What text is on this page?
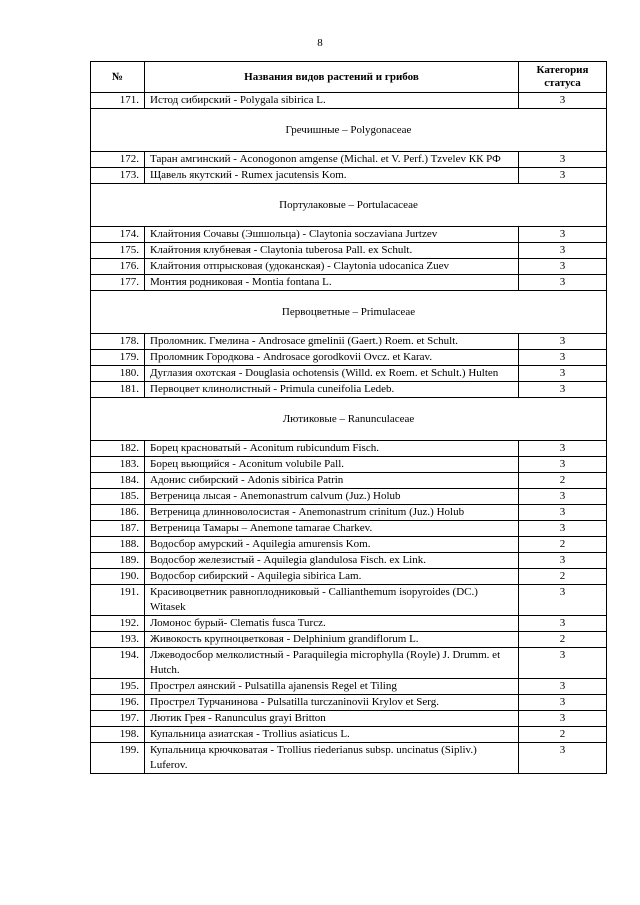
8
№	Названия видов растений и грибов	Категория
статуса
171.	Истод сибирский - Polygala sibirica L.	3
Гречишные – Polygonaceae		
172.	Таран амгинский - Aconogonon amgense (Michal. et V. Perf.) Tzvelev КК РФ	3
173.	Щавель якутский - Rumex jacutensis Kom.	3
Портулаковые – Portulacaceae		
174.	Клайтония Сочавы (Эшшольца) - Claytonia soczaviana Jurtzev	3
175.	Клайтония клубневая - Claytonia tuberosa Pall. ex Schult.	3
176.	Клайтония отпрысковая (удоканская) - Claytonia udocanica Zuev	3
177.	Монтия родниковая - Montia fontana L.	3
Первоцветные – Primulaceae		
178.	Проломник. Гмелина - Androsace gmelinii (Gaert.) Roem. et Schult.	3
179.	Проломник Городкова - Androsace gorodkovii Ovcz. et Karav.	3
180.	Дуглазия охотская - Douglasia ochotensis (Willd. ex Roem. et Schult.) Hulten	3
181.	Первоцвет клинолистный - Primula cuneifolia Ledeb.	3
Лютиковые – Ranunculaceae		
182.	Борец красноватый - Aconitum rubicundum Fisch.	3
183.	Борец вьющийся - Aconitum volubile Pall.	3
184.	Адонис сибирский - Adonis sibirica Patrin	2
185.	Ветреница лысая - Anemonastrum calvum (Juz.) Holub	3
186.	Ветреница длинноволосистая - Anemonastrum crinitum (Juz.) Holub	3
187.	Ветреница Тамары – Anemone tamarae Charkev.	3
188.	Водосбор амурский - Aquilegia amurensis Kom.	2
189.	Водосбор железистый - Aquilegia glandulosa Fisch. ex Link.	3
190.	Водосбор сибирский - Aquilegia sibirica Lam.	2
191.	Красивоцветник равноплодниковый - Callianthemum isopyroides (DC.) Witasek	3
192.	Ломонос бурый- Clematis fusca Turcz.	3
193.	Живокость крупноцветковая - Delphinium grandiflorum L.	2
194.	Лжеводосбор мелколистный - Paraquilegia microphylla (Royle) J. Drumm. et Hutch.	3
195.	Прострел аянский - Pulsatilla ajanensis Regel et Tiling	3
196.	Прострел Турчанинова - Pulsatilla turczaninovii Krylov et Serg.	3
197.	Лютик Грея - Ranunculus grayi Britton	3
198.	Купальница азиатская - Trollius asiaticus L.	2
199.	Купальница крючковатая - Trollius riederianus subsp. uncinatus (Sipliv.) Luferov.	3
